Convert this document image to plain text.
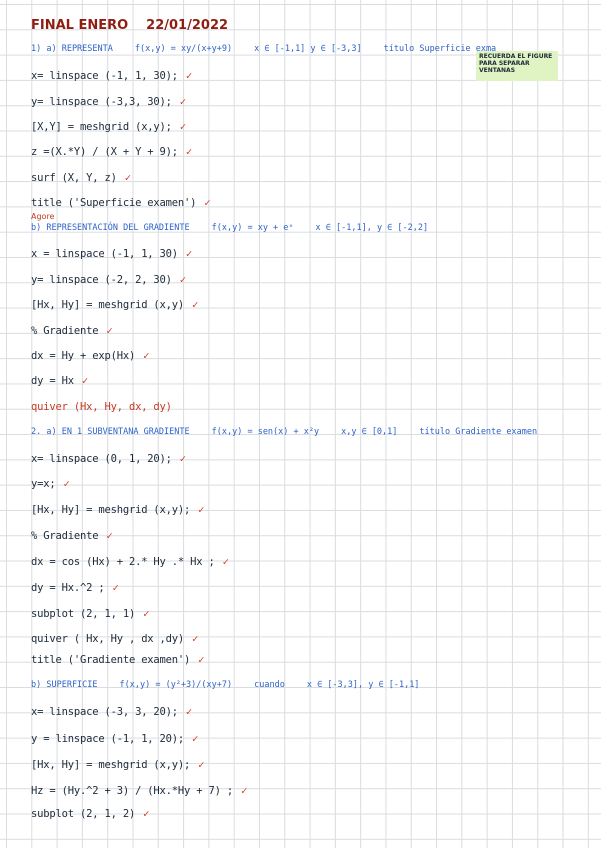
FINAL ENERO 22/01/2022
RECUERDA EL FIGURE PARA SEPARAR VENTANAS
1) a) REPRESENTA	f(x,y) = xy/(x+y+9)	x ∈ [-1,1] y ∈ [-3,3]	título Superficie exma
x= linspace (-1, 1, 30); ✓
y= linspace (-3,3, 30); ✓
[X,Y] = meshgrid (x,y); ✓
z =(X.*Y) / (X + Y + 9); ✓
surf (X, Y, z) ✓
title ('Superficie examen') ✓
Agore
b) REPRESENTACIÓN DEL GRADIENTE	f(x,y) = xy + eˣ	x ∈ [-1,1], y ∈ [-2,2]
x = linspace (-1, 1, 30) ✓
y= linspace (-2, 2, 30) ✓
[Hx, Hy] = meshgrid (x,y) ✓
% Gradiente ✓
dx = Hy + exp(Hx) ✓
dy = Hx ✓
quiver (Hx, Hy, dx, dy)
2. a) EN 1 SUBVENTANA GRADIENTE	f(x,y) = sen(x) + x²y	x,y ∈ [0,1]	título Gradiente examen
x= linspace (0, 1, 20); ✓
y=x; ✓
[Hx, Hy] = meshgrid (x,y); ✓
% Gradiente ✓
dx = cos (Hx) + 2.* Hy .* Hx ; ✓
dy = Hx.^2 ; ✓
subplot (2, 1, 1) ✓
quiver ( Hx, Hy , dx ,dy) ✓
title ('Gradiente examen') ✓
b) SUPERFICIE	f(x,y) = (y²+3)/(xy+7)	cuando	x ∈ [-3,3], y ∈ [-1,1]
x= linspace (-3, 3, 20); ✓
y = linspace (-1, 1, 20); ✓
[Hx, Hy] = meshgrid (x,y); ✓
Hz = (Hy.^2 + 3) / (Hx.*Hy + 7) ; ✓
subplot (2, 1, 2) ✓
